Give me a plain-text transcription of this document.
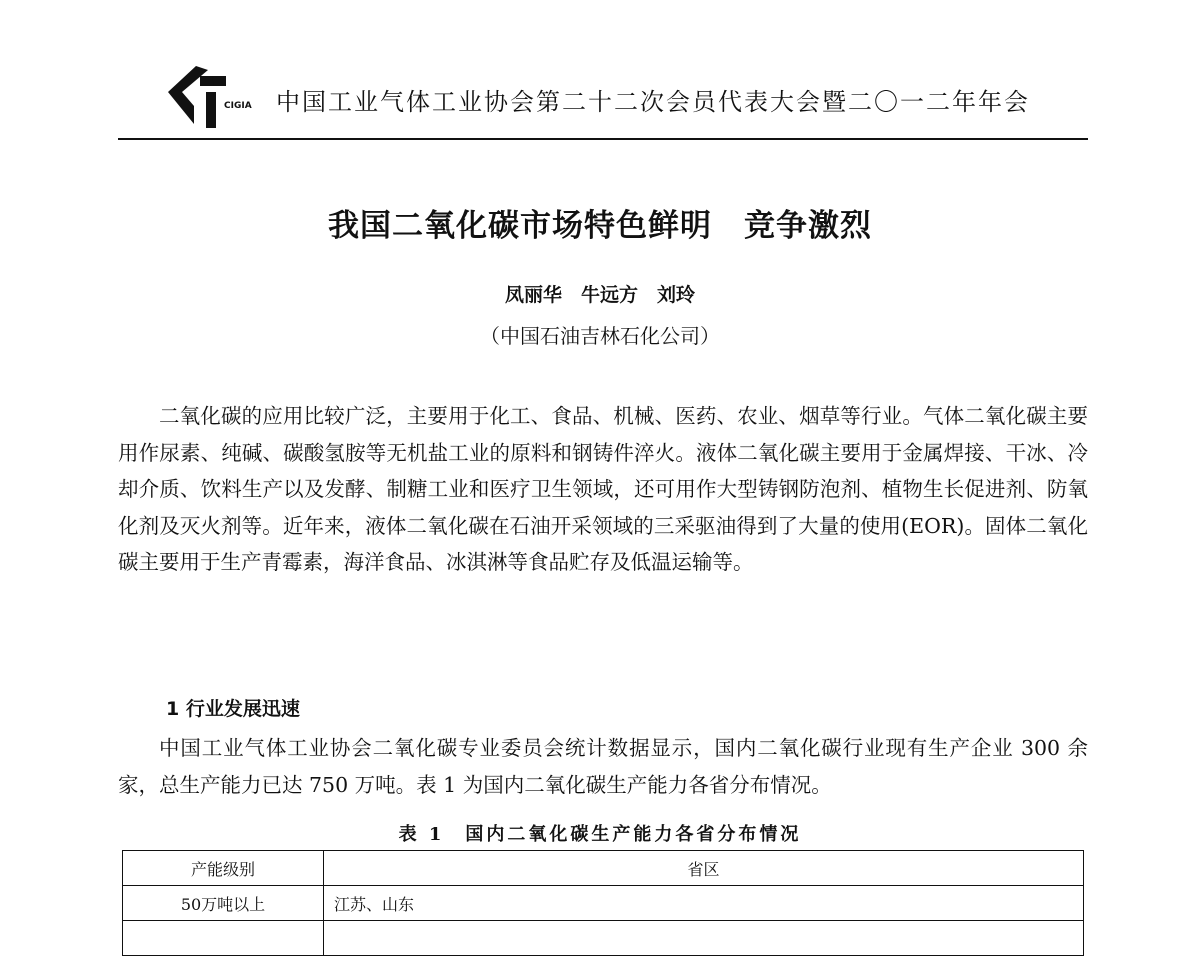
CIGIA 中国工业气体工业协会第二十二次会员代表大会暨二〇一二年年会
我国二氧化碳市场特色鲜明　竞争激烈
凤丽华　牛远方　刘玲
（中国石油吉林石化公司）
二氧化碳的应用比较广泛，主要用于化工、食品、机械、医药、农业、烟草等行业。气体二氧化碳主要用作尿素、纯碱、碳酸氢胺等无机盐工业的原料和钢铸件淬火。液体二氧化碳主要用于金属焊接、干冰、冷却介质、饮料生产以及发酵、制糖工业和医疗卫生领域，还可用作大型铸钢防泡剂、植物生长促进剂、防氧化剂及灭火剂等。近年来，液体二氧化碳在石油开采领域的三采驱油得到了大量的使用(EOR)。固体二氧化碳主要用于生产青霉素，海洋食品、冰淇淋等食品贮存及低温运输等。
1 行业发展迅速
中国工业气体工业协会二氧化碳专业委员会统计数据显示，国内二氧化碳行业现有生产企业 300 余家，总生产能力已达 750 万吨。表 1 为国内二氧化碳生产能力各省分布情况。
表 1　国内二氧化碳生产能力各省分布情况
产能级别	省区
50万吨以上	江苏、山东
